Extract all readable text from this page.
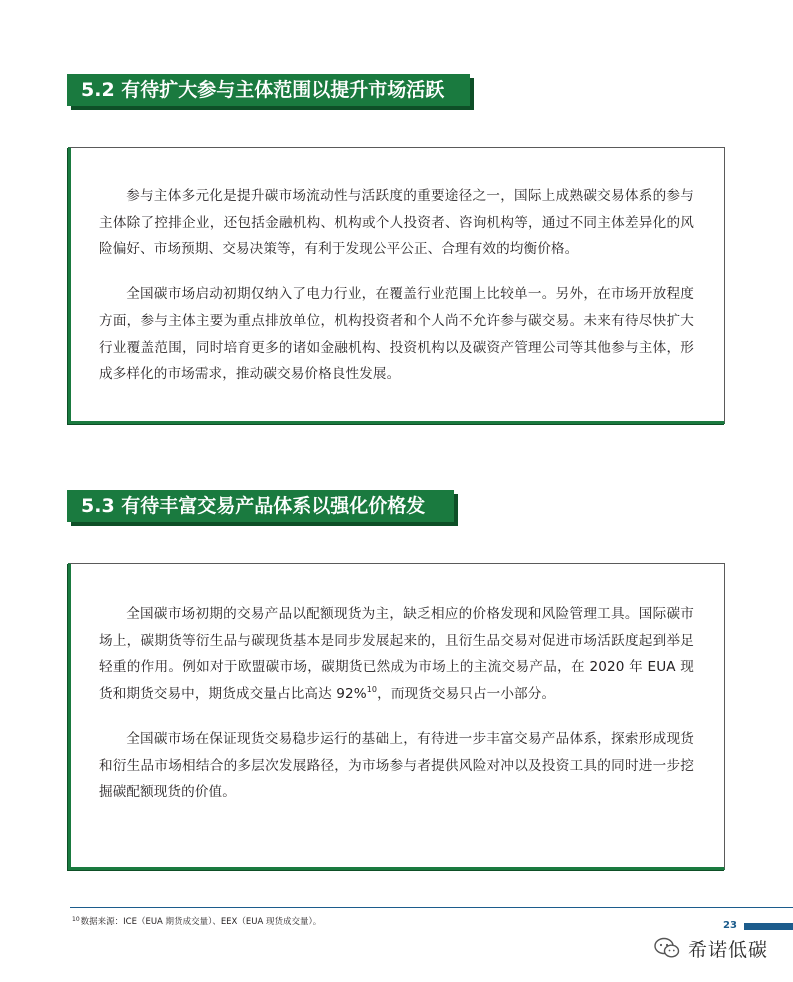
5.2 有待扩大参与主体范围以提升市场活跃度

参与主体多元化是提升碳市场流动性与活跃度的重要途径之一，国际上成熟碳交易体系的参与主体除了控排企业，还包括金融机构、机构或个人投资者、咨询机构等，通过不同主体差异化的风险偏好、市场预期、交易决策等，有利于发现公平公正、合理有效的均衡价格。

全国碳市场启动初期仅纳入了电力行业，在覆盖行业范围上比较单一。另外，在市场开放程度方面，参与主体主要为重点排放单位，机构投资者和个人尚不允许参与碳交易。未来有待尽快扩大行业覆盖范围，同时培育更多的诸如金融机构、投资机构以及碳资产管理公司等其他参与主体，形成多样化的市场需求，推动碳交易价格良性发展。

5.3 有待丰富交易产品体系以强化价格发现

全国碳市场初期的交易产品以配额现货为主，缺乏相应的价格发现和风险管理工具。国际碳市场上，碳期货等衍生品与碳现货基本是同步发展起来的，且衍生品交易对促进市场活跃度起到举足轻重的作用。例如对于欧盟碳市场，碳期货已然成为市场上的主流交易产品，在 2020 年 EUA 现货和期货交易中，期货成交量占比高达 92%$^{10}$，而现货交易只占一小部分。

全国碳市场在保证现货交易稳步运行的基础上，有待进一步丰富交易产品体系，探索形成现货和衍生品市场相结合的多层次发展路径，为市场参与者提供风险对冲以及投资工具的同时进一步挖掘碳配额现货的价值。

$^{10}$数据来源：ICE（EUA 期货成交量）、EEX（EUA 现货成交量）。	23
希诺低碳
